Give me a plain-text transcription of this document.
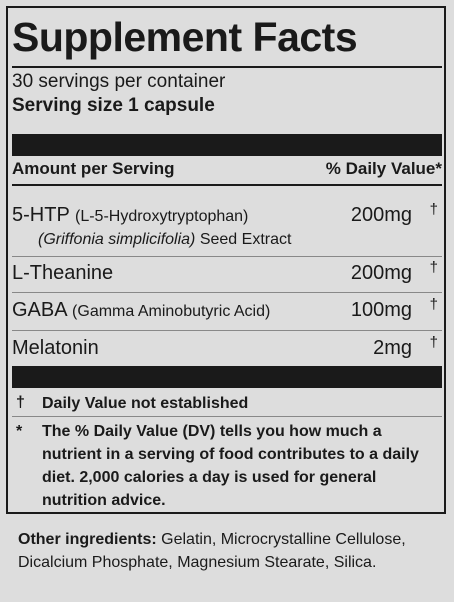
Supplement Facts
30 servings per container
Serving size 1 capsule
Amount per Serving	% Daily Value*
5-HTP (L-5-Hydroxytryptophan)	200mg †
(Griffonia simplicifolia) Seed Extract
L-Theanine	200mg †
GABA (Gamma Aminobutyric Acid)	100mg †
Melatonin	2mg †
† Daily Value not established
* The % Daily Value (DV) tells you how much a nutrient in a serving of food contributes to a daily diet. 2,000 calories a day is used for general nutrition advice.
Other ingredients: Gelatin, Microcrystalline Cellulose, Dicalcium Phosphate, Magnesium Stearate, Silica.
